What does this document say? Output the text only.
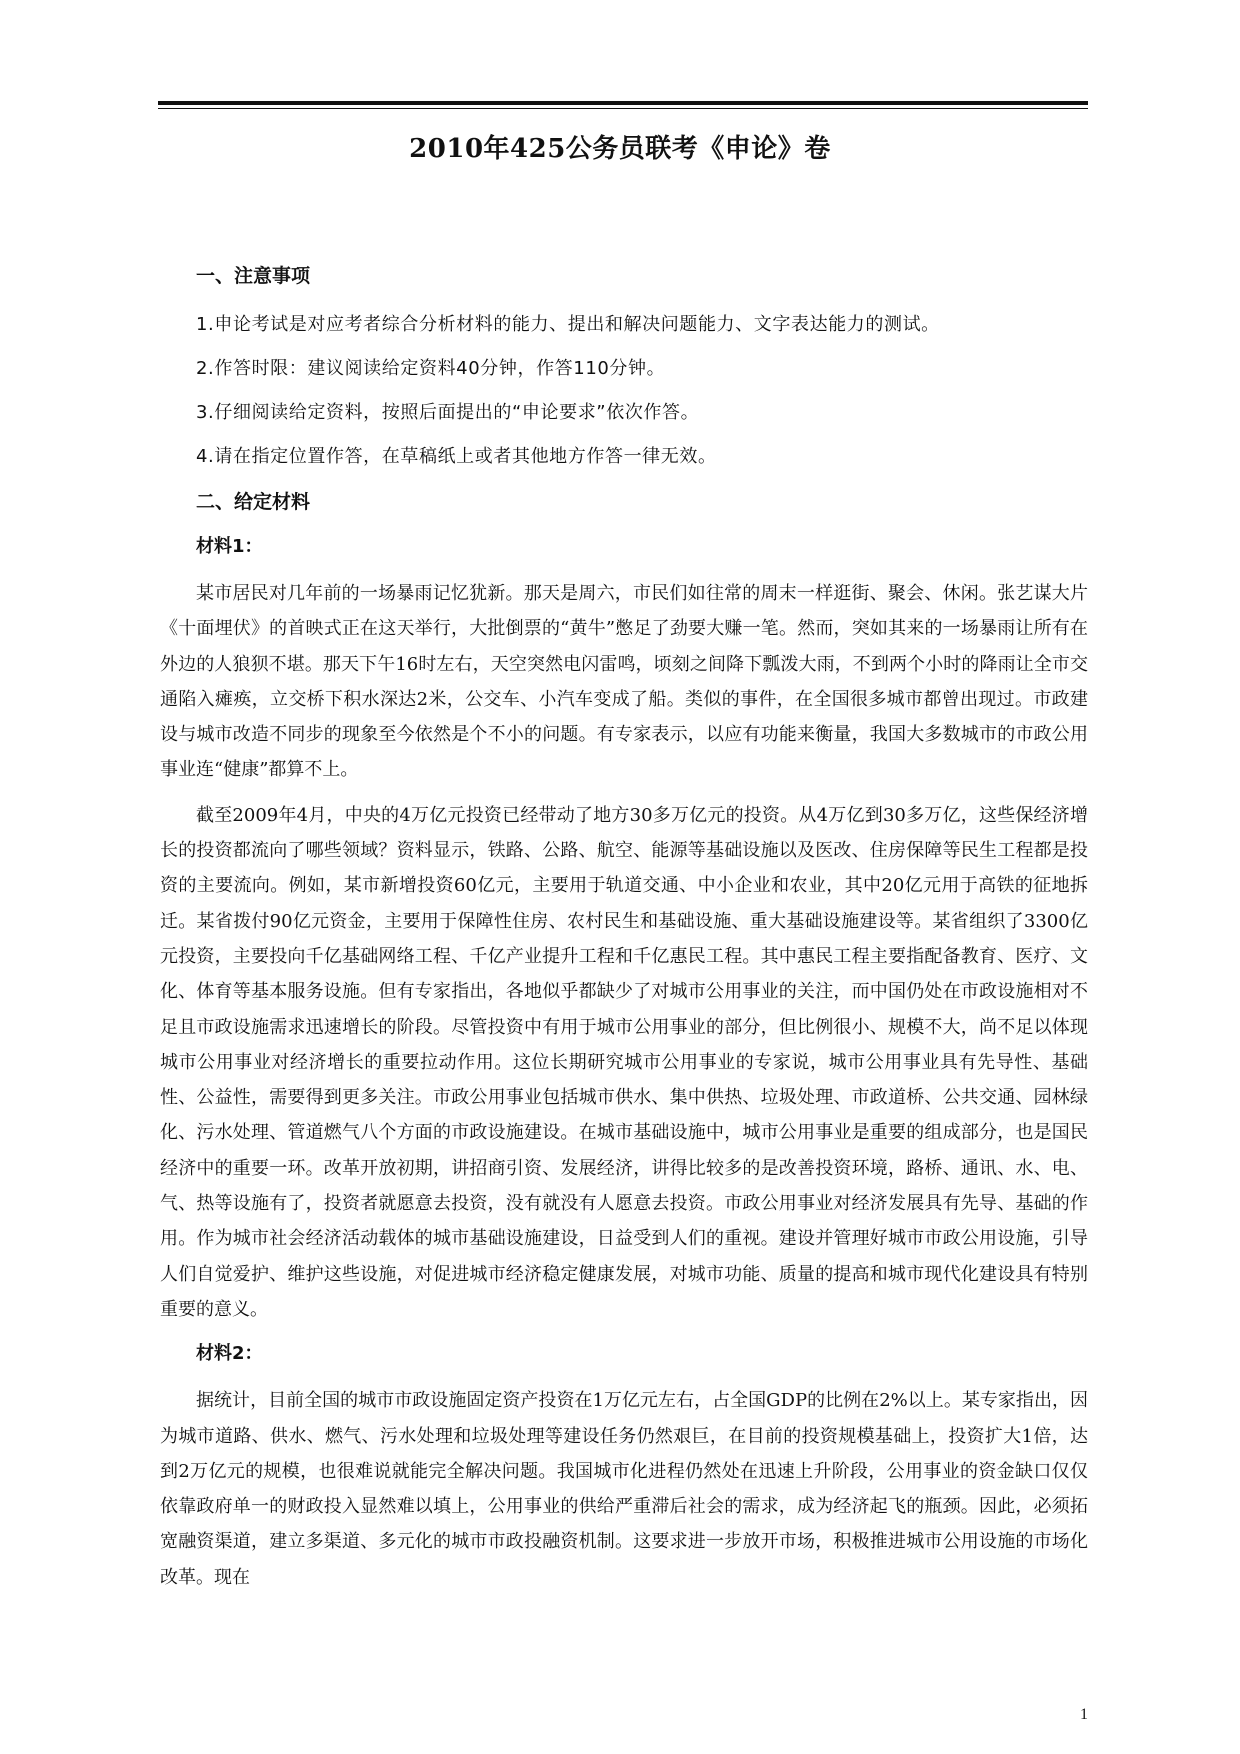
2010年425公务员联考《申论》卷
一、注意事项
1.申论考试是对应考者综合分析材料的能力、提出和解决问题能力、文字表达能力的测试。
2.作答时限：建议阅读给定资料40分钟，作答110分钟。
3.仔细阅读给定资料，按照后面提出的“申论要求”依次作答。
4.请在指定位置作答，在草稿纸上或者其他地方作答一律无效。
二、给定材料
材料1：

某市居民对几年前的一场暴雨记忆犹新。那天是周六，市民们如往常的周末一样逛街、聚会、休闲。张艺谋大片《十面埋伏》的首映式正在这天举行，大批倒票的“黄牛”憋足了劲要大赚一笔。然而，突如其来的一场暴雨让所有在外边的人狼狈不堪。那天下午16时左右，天空突然电闪雷鸣，顷刻之间降下瓢泼大雨，不到两个小时的降雨让全市交通陷入瘫痪，立交桥下积水深达2米，公交车、小汽车变成了船。类似的事件，在全国很多城市都曾出现过。市政建设与城市改造不同步的现象至今依然是个不小的问题。有专家表示，以应有功能来衡量，我国大多数城市的市政公用事业连“健康”都算不上。

截至2009年4月，中央的4万亿元投资已经带动了地方30多万亿元的投资。从4万亿到30多万亿，这些保经济增长的投资都流向了哪些领域？资料显示，铁路、公路、航空、能源等基础设施以及医改、住房保障等民生工程都是投资的主要流向。例如，某市新增投资60亿元，主要用于轨道交通、中小企业和农业，其中20亿元用于高铁的征地拆迁。某省拨付90亿元资金，主要用于保障性住房、农村民生和基础设施、重大基础设施建设等。某省组织了3300亿元投资，主要投向千亿基础网络工程、千亿产业提升工程和千亿惠民工程。其中惠民工程主要指配备教育、医疗、文化、体育等基本服务设施。但有专家指出，各地似乎都缺少了对城市公用事业的关注，而中国仍处在市政设施相对不足且市政设施需求迅速增长的阶段。尽管投资中有用于城市公用事业的部分，但比例很小、规模不大，尚不足以体现城市公用事业对经济增长的重要拉动作用。这位长期研究城市公用事业的专家说，城市公用事业具有先导性、基础性、公益性，需要得到更多关注。市政公用事业包括城市供水、集中供热、垃圾处理、市政道桥、公共交通、园林绿化、污水处理、管道燃气八个方面的市政设施建设。在城市基础设施中，城市公用事业是重要的组成部分，也是国民经济中的重要一环。改革开放初期，讲招商引资、发展经济，讲得比较多的是改善投资环境，路桥、通讯、水、电、气、热等设施有了，投资者就愿意去投资，没有就没有人愿意去投资。市政公用事业对经济发展具有先导、基础的作用。作为城市社会经济活动载体的城市基础设施建设，日益受到人们的重视。建设并管理好城市市政公用设施，引导人们自觉爱护、维护这些设施，对促进城市经济稳定健康发展，对城市功能、质量的提高和城市现代化建设具有特别重要的意义。

材料2：

据统计，目前全国的城市市政设施固定资产投资在1万亿元左右，占全国GDP的比例在2%以上。某专家指出，因为城市道路、供水、燃气、污水处理和垃圾处理等建设任务仍然艰巨，在目前的投资规模基础上，投资扩大1倍，达到2万亿元的规模，也很难说就能完全解决问题。我国城市化进程仍然处在迅速上升阶段，公用事业的资金缺口仅仅依靠政府单一的财政投入显然难以填上，公用事业的供给严重滞后社会的需求，成为经济起飞的瓶颈。因此，必须拓宽融资渠道，建立多渠道、多元化的城市市政投融资机制。这要求进一步放开市场，积极推进城市公用设施的市场化改革。现在

1
